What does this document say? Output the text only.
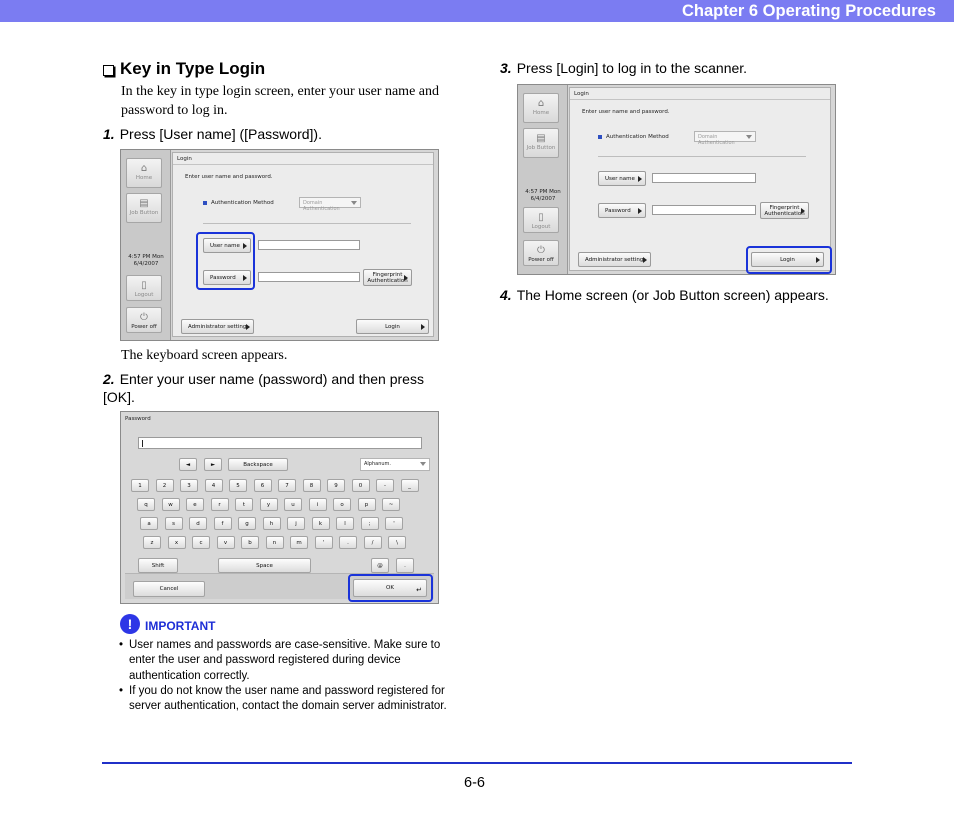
Chapter 6 Operating Procedures
Key in Type Login
In the key in type login screen, enter your user name and password to log in.
1. Press [User name] ([Password]).
⌂
Home
▤
Job Button
4:57 PM Mon
6/4/2007
▯
Logout
⏻
Power off
Login
Enter user name and password.
Authentication Method	Domain Authentication
User name
Password	Fingerprint
Authentication
Administrator setting	Login
The keyboard screen appears.
2. Enter your user name (password) and then press [OK].
Password
◄	►	Backspace	Alphanum.
1	2	3	4	5	6	7	8	9	0	-	_
q	w	e	r	t	y	u	i	o	p	~
a	s	d	f	g	h	j	k	l	;	'
z	x	c	v	b	n	m	'	.	/	\
Shift	Space	@	.
Cancel	OK	↵
!	IMPORTANT
• User names and passwords are case-sensitive. Make sure to enter the user and password registered during device authentication correctly.
• If you do not know the user name and password registered for server authentication, contact the domain server administrator.
3. Press [Login] to log in to the scanner.
⌂
Home
▤
Job Button
4:57 PM Mon
6/4/2007
▯
Logout
⏻
Power off
Login
Enter user name and password.
Authentication Method	Domain Authentication
User name
Password	Fingerprint
Authentication
Administrator setting	Login
4. The Home screen (or Job Button screen) appears.
6-6
